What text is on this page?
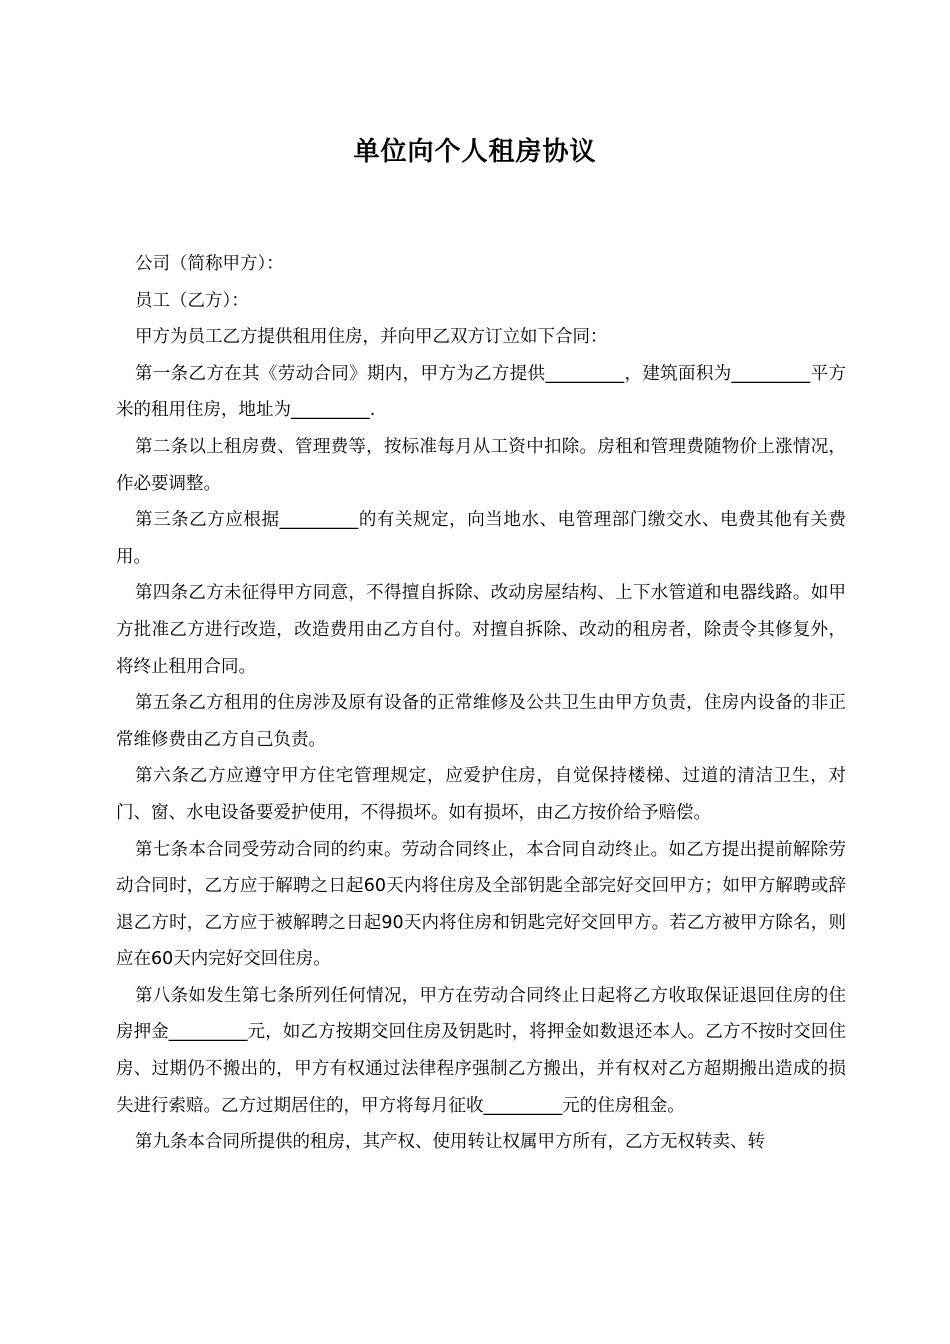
单位向个人租房协议

公司（简称甲方）：

员工（乙方）：

甲方为员工乙方提供租用住房，并向甲乙双方订立如下合同：

第一条乙方在其《劳动合同》期内，甲方为乙方提供_________，建筑面积为_________平方米的租用住房，地址为_________.

第二条以上租房费、管理费等，按标准每月从工资中扣除。房租和管理费随物价上涨情况，作必要调整。

第三条乙方应根据_________的有关规定，向当地水、电管理部门缴交水、电费其他有关费用。

第四条乙方未征得甲方同意，不得擅自拆除、改动房屋结构、上下水管道和电器线路。如甲方批准乙方进行改造，改造费用由乙方自付。对擅自拆除、改动的租房者，除责令其修复外，将终止租用合同。

第五条乙方租用的住房涉及原有设备的正常维修及公共卫生由甲方负责，住房内设备的非正常维修费由乙方自己负责。

第六条乙方应遵守甲方住宅管理规定，应爱护住房，自觉保持楼梯、过道的清洁卫生，对门、窗、水电设备要爱护使用，不得损坏。如有损坏，由乙方按价给予赔偿。

第七条本合同受劳动合同的约束。劳动合同终止，本合同自动终止。如乙方提出提前解除劳动合同时，乙方应于解聘之日起60天内将住房及全部钥匙全部完好交回甲方；如甲方解聘或辞退乙方时，乙方应于被解聘之日起90天内将住房和钥匙完好交回甲方。若乙方被甲方除名，则应在60天内完好交回住房。

第八条如发生第七条所列任何情况，甲方在劳动合同终止日起将乙方收取保证退回住房的住房押金_________元，如乙方按期交回住房及钥匙时，将押金如数退还本人。乙方不按时交回住房、过期仍不搬出的，甲方有权通过法律程序强制乙方搬出，并有权对乙方超期搬出造成的损失进行索赔。乙方过期居住的，甲方将每月征收_________元的住房租金。

第九条本合同所提供的租房，其产权、使用转让权属甲方所有，乙方无权转卖、转
